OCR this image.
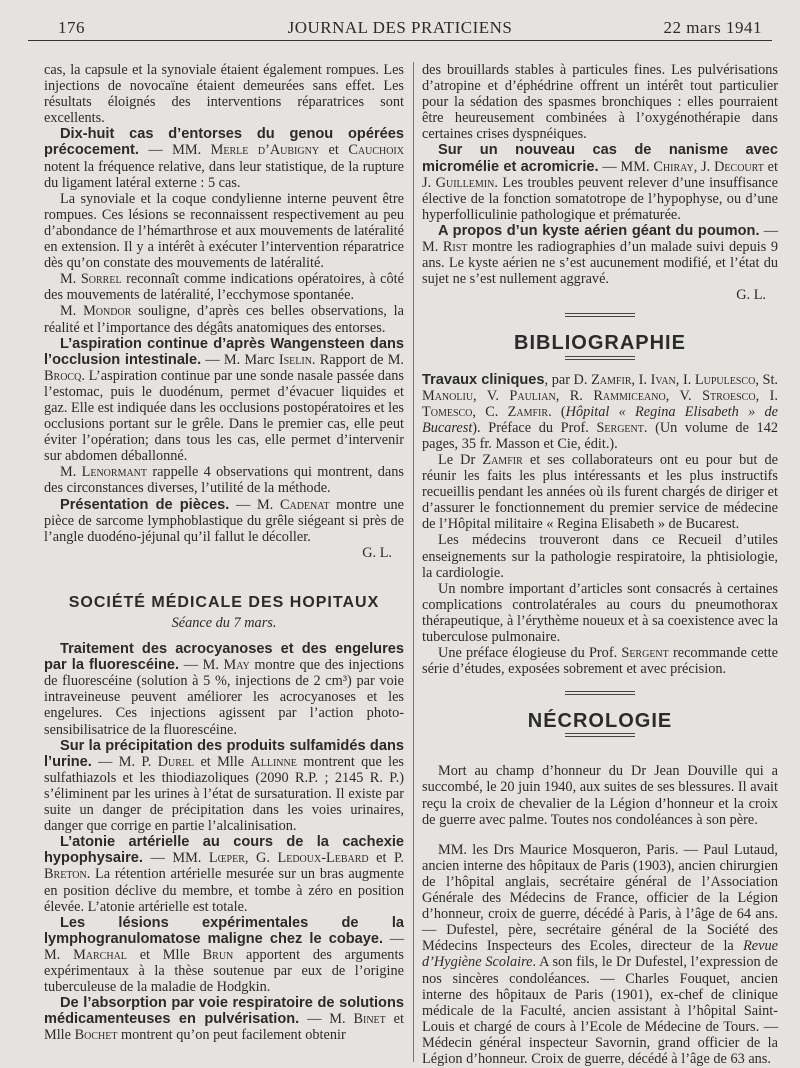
176	JOURNAL DES PRATICIENS	22 mars 1941

cas, la capsule et la synoviale étaient également rompues. Les injections de novocaïne étaient demeurées sans effet. Les résultats éloignés des interventions réparatrices sont excellents.

Dix-huit cas d’entorses du genou opérées précocement. — MM. Merle d’Aubigny et Cauchoix notent la fréquence relative, dans leur statistique, de la rupture du ligament latéral externe : 5 cas.

La synoviale et la coque condylienne interne peuvent être rompues. Ces lésions se reconnaissent respectivement au peu d’abondance de l’hémarthrose et aux mouvements de latéralité en extension. Il y a intérêt à exécuter l’intervention réparatrice dès qu’on constate des mouvements de latéralité.

M. Sorrel reconnaît comme indications opératoires, à côté des mouvements de latéralité, l’ecchymose spontanée.

M. Mondor souligne, d’après ces belles observations, la réalité et l’importance des dégâts anatomiques des entorses.

L’aspiration continue d’après Wangensteen dans l’occlusion intestinale. — M. Marc Iselin. Rapport de M. Brocq. L’aspiration continue par une sonde nasale passée dans l’estomac, puis le duodénum, permet d’évacuer liquides et gaz. Elle est indiquée dans les occlusions postopératoires et les occlusions portant sur le grêle. Dans le premier cas, elle peut éviter l’opération; dans tous les cas, elle permet d’intervenir sur abdomen déballonné.

M. Lenormant rappelle 4 observations qui montrent, dans des circonstances diverses, l’utilité de la méthode.

Présentation de pièces. — M. Cadenat montre une pièce de sarcome lymphoblastique du grêle siégeant si près de l’angle duodéno-jéjunal qu’il fallut le décoller.

G. L.

SOCIÉTÉ MÉDICALE DES HOPITAUX
Séance du 7 mars.

Traitement des acrocyanoses et des engelures par la fluorescéine. — M. May montre que des injections de fluorescéine (solution à 5 %, injections de 2 cm³) par voie intraveineuse peuvent améliorer les acrocyanoses et les engelures. Ces injections agissent par l’action photo-sensibilisatrice de la fluorescéine.

Sur la précipitation des produits sulfamidés dans l’urine. — M. P. Durel et Mlle Allinne montrent que les sulfathiazols et les thiodiazoliques (2090 R.P. ; 2145 R. P.) s’éliminent par les urines à l’état de sursaturation. Il existe par suite un danger de précipitation dans les voies urinaires, danger que corrige en partie l’alcalinisation.

L’atonie artérielle au cours de la cachexie hypophysaire. — MM. Lœper, G. Ledoux-Lebard et P. Breton. La rétention artérielle mesurée sur un bras augmente en position déclive du membre, et tombe à zéro en position élevée. L’atonie artérielle est totale.

Les lésions expérimentales de la lymphogranulomatose maligne chez le cobaye. — M. Marchal et Mlle Brun apportent des arguments expérimentaux à la thèse soutenue par eux de l’origine tuberculeuse de la maladie de Hodgkin.

De l’absorption par voie respiratoire de solutions médicamenteuses en pulvérisation. — M. Binet et Mlle Bochet montrent qu’on peut facilement obtenir

des brouillards stables à particules fines. Les pulvérisations d’atropine et d’éphédrine offrent un intérêt tout particulier pour la sédation des spasmes bronchiques : elles pourraient être heureusement combinées à l’oxygénothérapie dans certaines crises dyspnéiques.

Sur un nouveau cas de nanisme avec micromélie et acromicrie. — MM. Chiray, J. Decourt et J. Guillemin. Les troubles peuvent relever d’une insuffisance élective de la fonction somatotrope de l’hypophyse, ou d’une hyperfolliculinie pathologique et prématurée.

A propos d’un kyste aérien géant du poumon. — M. Rist montre les radiographies d’un malade suivi depuis 9 ans. Le kyste aérien ne s’est aucunement modifié, et l’état du sujet ne s’est nullement aggravé.

G. L.

BIBLIOGRAPHIE

Travaux cliniques, par D. Zamfir, I. Ivan, I. Lupulesco, St. Manoliu, V. Paulian, R. Rammiceano, V. Stroesco, I. Tomesco, C. Zamfir. (Hôpital « Regina Elisabeth » de Bucarest). Préface du Prof. Sergent. (Un volume de 142 pages, 35 fr. Masson et Cie, édit.).

Le Dr Zamfir et ses collaborateurs ont eu pour but de réunir les faits les plus intéressants et les plus instructifs recueillis pendant les années où ils furent chargés de diriger et d’assurer le fonctionnement du premier service de médecine de l’Hôpital militaire « Regina Elisabeth » de Bucarest.

Les médecins trouveront dans ce Recueil d’utiles enseignements sur la pathologie respiratoire, la phtisiologie, la cardiologie.

Un nombre important d’articles sont consacrés à certaines complications controlatérales au cours du pneumothorax thérapeutique, à l’érythème noueux et à sa coexistence avec la tuberculose pulmonaire.

Une préface élogieuse du Prof. Sergent recommande cette série d’études, exposées sobrement et avec précision.

NÉCROLOGIE

Mort au champ d’honneur du Dr Jean Douville qui a succombé, le 20 juin 1940, aux suites de ses blessures. Il avait reçu la croix de chevalier de la Légion d’honneur et la croix de guerre avec palme. Toutes nos condoléances à son père.

MM. les Drs Maurice Mosqueron, Paris. — Paul Lutaud, ancien interne des hôpitaux de Paris (1903), ancien chirurgien de l’hôpital anglais, secrétaire général de l’Association Générale des Médecins de France, officier de la Légion d’honneur, croix de guerre, décédé à Paris, à l’âge de 64 ans. — Dufestel, père, secrétaire général de la Société des Médecins Inspecteurs des Ecoles, directeur de la Revue d’Hygiène Scolaire. A son fils, le Dr Dufestel, l’expression de nos sincères condoléances. — Charles Fouquet, ancien interne des hôpitaux de Paris (1901), ex-chef de clinique médicale de la Faculté, ancien assistant à l’hôpital Saint-Louis et chargé de cours à l’Ecole de Médecine de Tours. — Médecin général inspecteur Savornin, grand officier de la Légion d’honneur. Croix de guerre, décédé à l’âge de 63 ans.
